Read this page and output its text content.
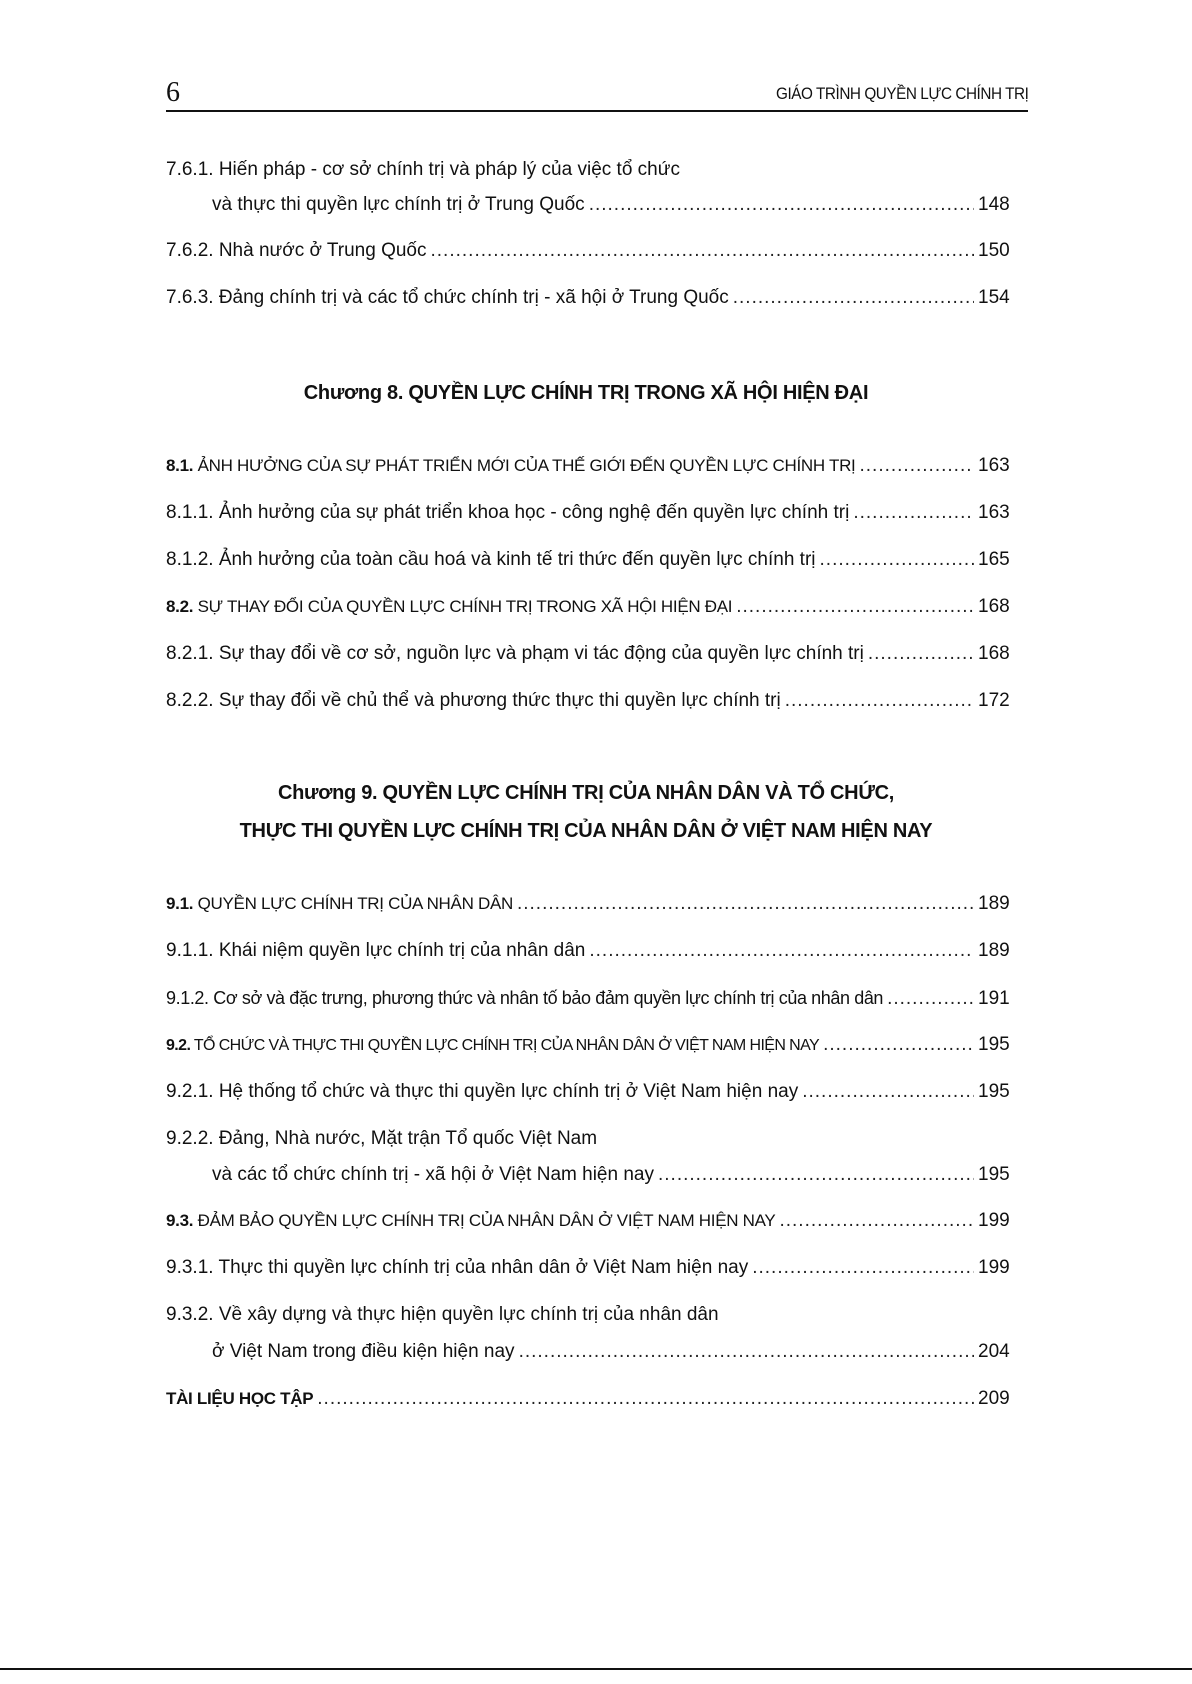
6	GIÁO TRÌNH QUYỀN LỰC CHÍNH TRỊ
7.6.1. Hiến pháp - cơ sở chính trị và pháp lý của việc tổ chức
và thực thi quyền lực chính trị ở Trung Quốc .....	148
7.6.2. Nhà nước ở Trung Quốc .....	150
7.6.3. Đảng chính trị và các tổ chức chính trị - xã hội ở Trung Quốc .....	154
Chương 8. QUYỀN LỰC CHÍNH TRỊ TRONG XÃ HỘI HIỆN ĐẠI
8.1. ẢNH HƯỞNG CỦA SỰ PHÁT TRIỂN MỚI CỦA THẾ GIỚI ĐẾN QUYỀN LỰC CHÍNH TRỊ .....	163
8.1.1. Ảnh hưởng của sự phát triển khoa học - công nghệ đến quyền lực chính trị .....	163
8.1.2. Ảnh hưởng của toàn cầu hoá và kinh tế tri thức đến quyền lực chính trị .....	165
8.2. SỰ THAY ĐỔI CỦA QUYỀN LỰC CHÍNH TRỊ TRONG XÃ HỘI HIỆN ĐẠI .....	168
8.2.1. Sự thay đổi về cơ sở, nguồn lực và phạm vi tác động của quyền lực chính trị .....	168
8.2.2. Sự thay đổi về chủ thể và phương thức thực thi quyền lực chính trị .....	172
Chương 9. QUYỀN LỰC CHÍNH TRỊ CỦA NHÂN DÂN VÀ TỔ CHỨC,
THỰC THI QUYỀN LỰC CHÍNH TRỊ CỦA NHÂN DÂN Ở VIỆT NAM HIỆN NAY
9.1. QUYỀN LỰC CHÍNH TRỊ CỦA NHÂN DÂN .....	189
9.1.1. Khái niệm quyền lực chính trị của nhân dân .....	189
9.1.2. Cơ sở và đặc trưng, phương thức và nhân tố bảo đảm quyền lực chính trị của nhân dân .....	191
9.2. TỔ CHỨC VÀ THỰC THI QUYỀN LỰC CHÍNH TRỊ CỦA NHÂN DÂN Ở VIỆT NAM HIỆN NAY .....	195
9.2.1. Hệ thống tổ chức và thực thi quyền lực chính trị ở Việt Nam hiện nay .....	195
9.2.2. Đảng, Nhà nước, Mặt trận Tổ quốc Việt Nam
và các tổ chức chính trị - xã hội ở Việt Nam hiện nay .....	195
9.3. ĐẢM BẢO QUYỀN LỰC CHÍNH TRỊ CỦA NHÂN DÂN Ở VIỆT NAM HIỆN NAY .....	199
9.3.1. Thực thi quyền lực chính trị của nhân dân ở Việt Nam hiện nay .....	199
9.3.2. Về xây dựng và thực hiện quyền lực chính trị của nhân dân
ở Việt Nam trong điều kiện hiện nay .....	204
TÀI LIỆU HỌC TẬP .....	209
